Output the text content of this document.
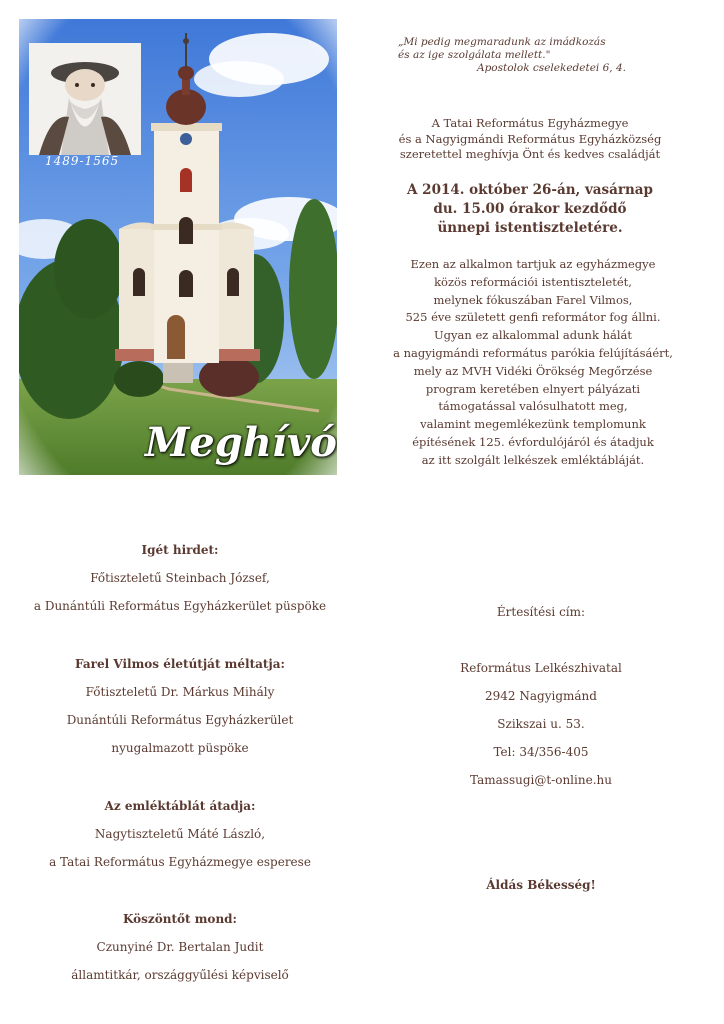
1489-1565
Meghívó
„Mi pedig megmaradunk az imádkozás
és az ige szolgálata mellett."
Apostolok cselekedetei 6, 4.
A Tatai Református Egyházmegye
és a Nagyigmándi Református Egyházközség
szeretettel meghívja Önt és kedves családját
A 2014. október 26-án, vasárnap
du. 15.00 órakor kezdődő
ünnepi istentiszteletére.
Ezen az alkalmon tartjuk az egyházmegye
közös reformációi istentiszteletét,
melynek fókuszában Farel Vilmos,
525 éve született genfi reformátor fog állni.
Ugyan ez alkalommal adunk hálát
a nagyigmándi református parókia felújításáért,
mely az MVH Vidéki Örökség Megőrzése
program keretében elnyert pályázati
támogatással valósulhatott meg,
valamint megemlékezünk templomunk
építésének 125. évfordulójáról és átadjuk
az itt szolgált lelkészek emléktábláját.
Igét hirdet:
Főtiszteletű Steinbach József,
a Dunántúli Református Egyházkerület püspöke
Farel Vilmos életútját méltatja:
Főtiszteletű Dr. Márkus Mihály
Dunántúli Református Egyházkerület
nyugalmazott püspöke
Az emléktáblát átadja:
Nagytiszteletű Máté László,
a Tatai Református Egyházmegye esperese
Köszöntőt mond:
Czunyiné Dr. Bertalan Judit
államtitkár, országgyűlési képviselő
Értesítési cím:
Református Lelkészhivatal
2942 Nagyigmánd
Szikszai u. 53.
Tel: 34/356-405
Tamassugi@t-online.hu
Áldás Békesség!
